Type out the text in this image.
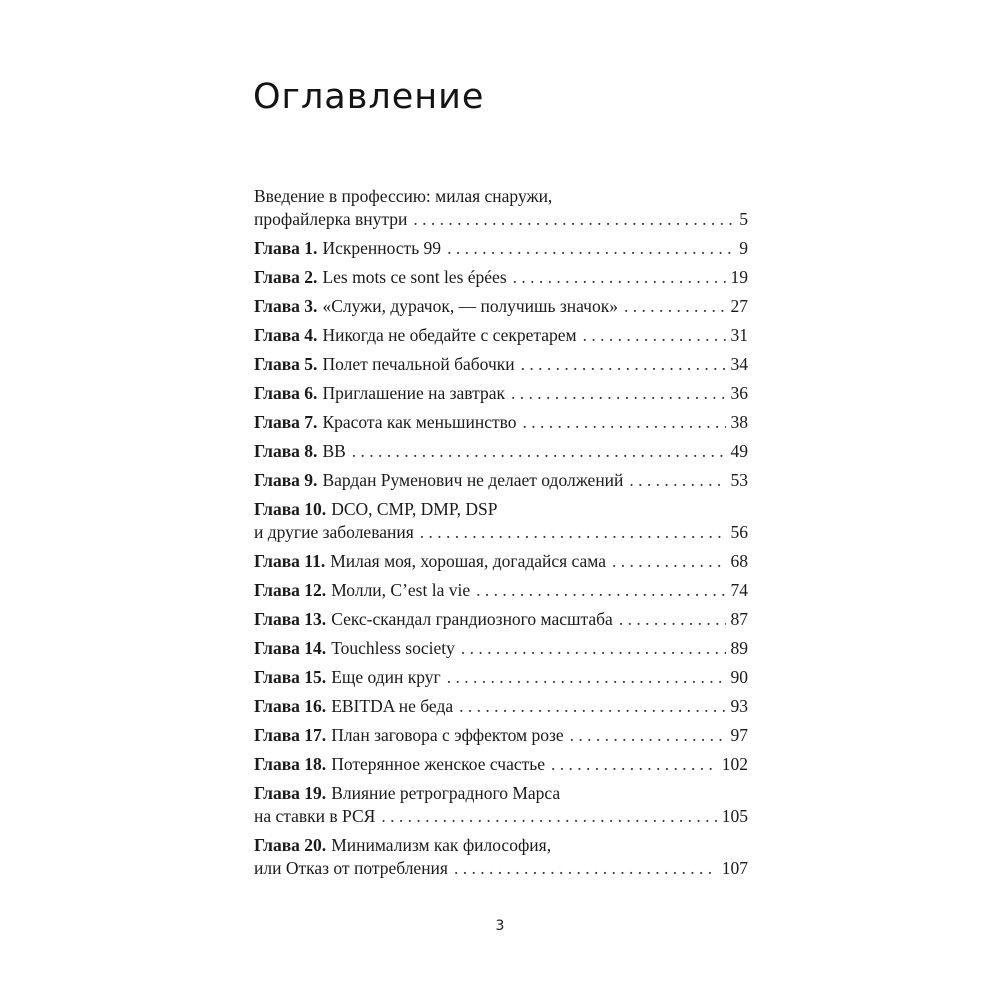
Оглавление
Введение в профессию: милая снаружи,
профайлерка внутри . . .	5
Глава 1. Искренность 99 . . .	9
Глава 2. Les mots ce sont les épées . . .	19
Глава 3. «Служи, дурачок, — получишь значок» . . .	27
Глава 4. Никогда не обедайте с секретарем . . .	31
Глава 5. Полет печальной бабочки . . .	34
Глава 6. Приглашение на завтрак . . .	36
Глава 7. Красота как меньшинство . . .	38
Глава 8. BB . . .	49
Глава 9. Вардан Руменович не делает одолжений . . .	53
Глава 10. DCO, CMP, DMP, DSP
и другие заболевания . . .	56
Глава 11. Милая моя, хорошая, догадайся сама . . .	68
Глава 12. Молли, C’est la vie . . .	74
Глава 13. Секс-скандал грандиозного масштаба . . .	87
Глава 14. Touchless society . . .	89
Глава 15. Еще один круг . . .	90
Глава 16. EBITDA не беда . . .	93
Глава 17. План заговора с эффектом розе . . .	97
Глава 18. Потерянное женское счастье . . .	102
Глава 19. Влияние ретроградного Марса
на ставки в РСЯ . . .	105
Глава 20. Минимализм как философия,
или Отказ от потребления . . .	107
3
